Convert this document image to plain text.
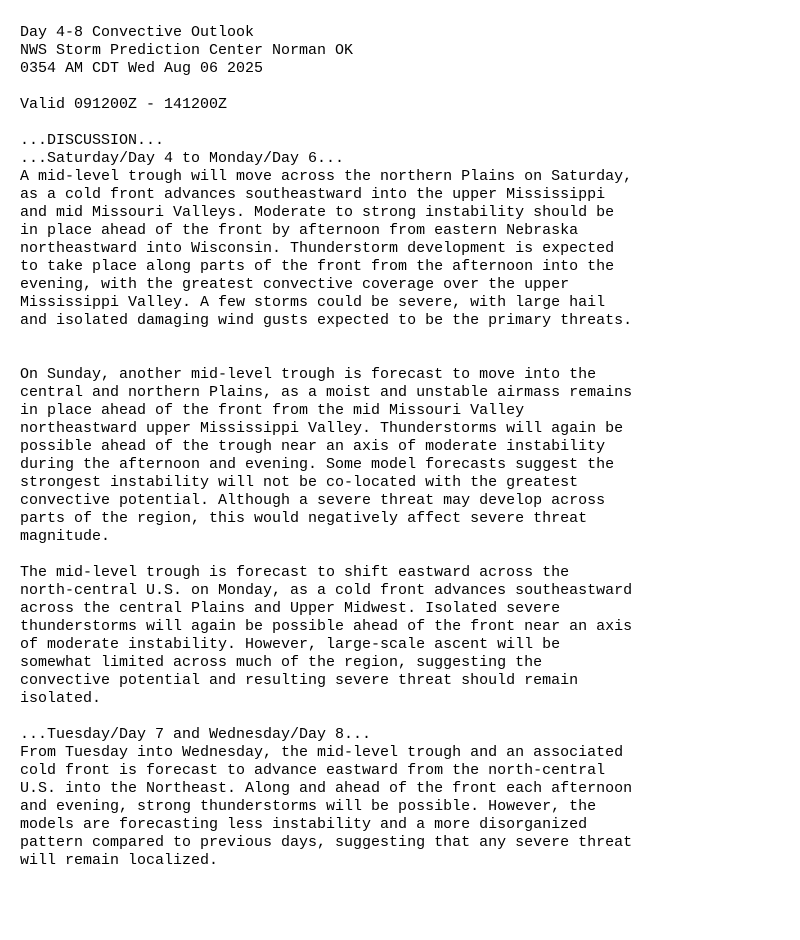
Day 4-8 Convective Outlook
NWS Storm Prediction Center Norman OK
0354 AM CDT Wed Aug 06 2025
Valid 091200Z - 141200Z
...DISCUSSION...
...Saturday/Day 4 to Monday/Day 6...
A mid-level trough will move across the northern Plains on Saturday,
as a cold front advances southeastward into the upper Mississippi
and mid Missouri Valleys. Moderate to strong instability should be
in place ahead of the front by afternoon from eastern Nebraska
northeastward into Wisconsin. Thunderstorm development is expected
to take place along parts of the front from the afternoon into the
evening, with the greatest convective coverage over the upper
Mississippi Valley. A few storms could be severe, with large hail
and isolated damaging wind gusts expected to be the primary threats.
On Sunday, another mid-level trough is forecast to move into the
central and northern Plains, as a moist and unstable airmass remains
in place ahead of the front from the mid Missouri Valley
northeastward upper Mississippi Valley. Thunderstorms will again be
possible ahead of the trough near an axis of moderate instability
during the afternoon and evening. Some model forecasts suggest the
strongest instability will not be co-located with the greatest
convective potential. Although a severe threat may develop across
parts of the region, this would negatively affect severe threat
magnitude.
The mid-level trough is forecast to shift eastward across the
north-central U.S. on Monday, as a cold front advances southeastward
across the central Plains and Upper Midwest. Isolated severe
thunderstorms will again be possible ahead of the front near an axis
of moderate instability. However, large-scale ascent will be
somewhat limited across much of the region, suggesting the
convective potential and resulting severe threat should remain
isolated.
...Tuesday/Day 7 and Wednesday/Day 8...
From Tuesday into Wednesday, the mid-level trough and an associated
cold front is forecast to advance eastward from the north-central
U.S. into the Northeast. Along and ahead of the front each afternoon
and evening, strong thunderstorms will be possible. However, the
models are forecasting less instability and a more disorganized
pattern compared to previous days, suggesting that any severe threat
will remain localized.
